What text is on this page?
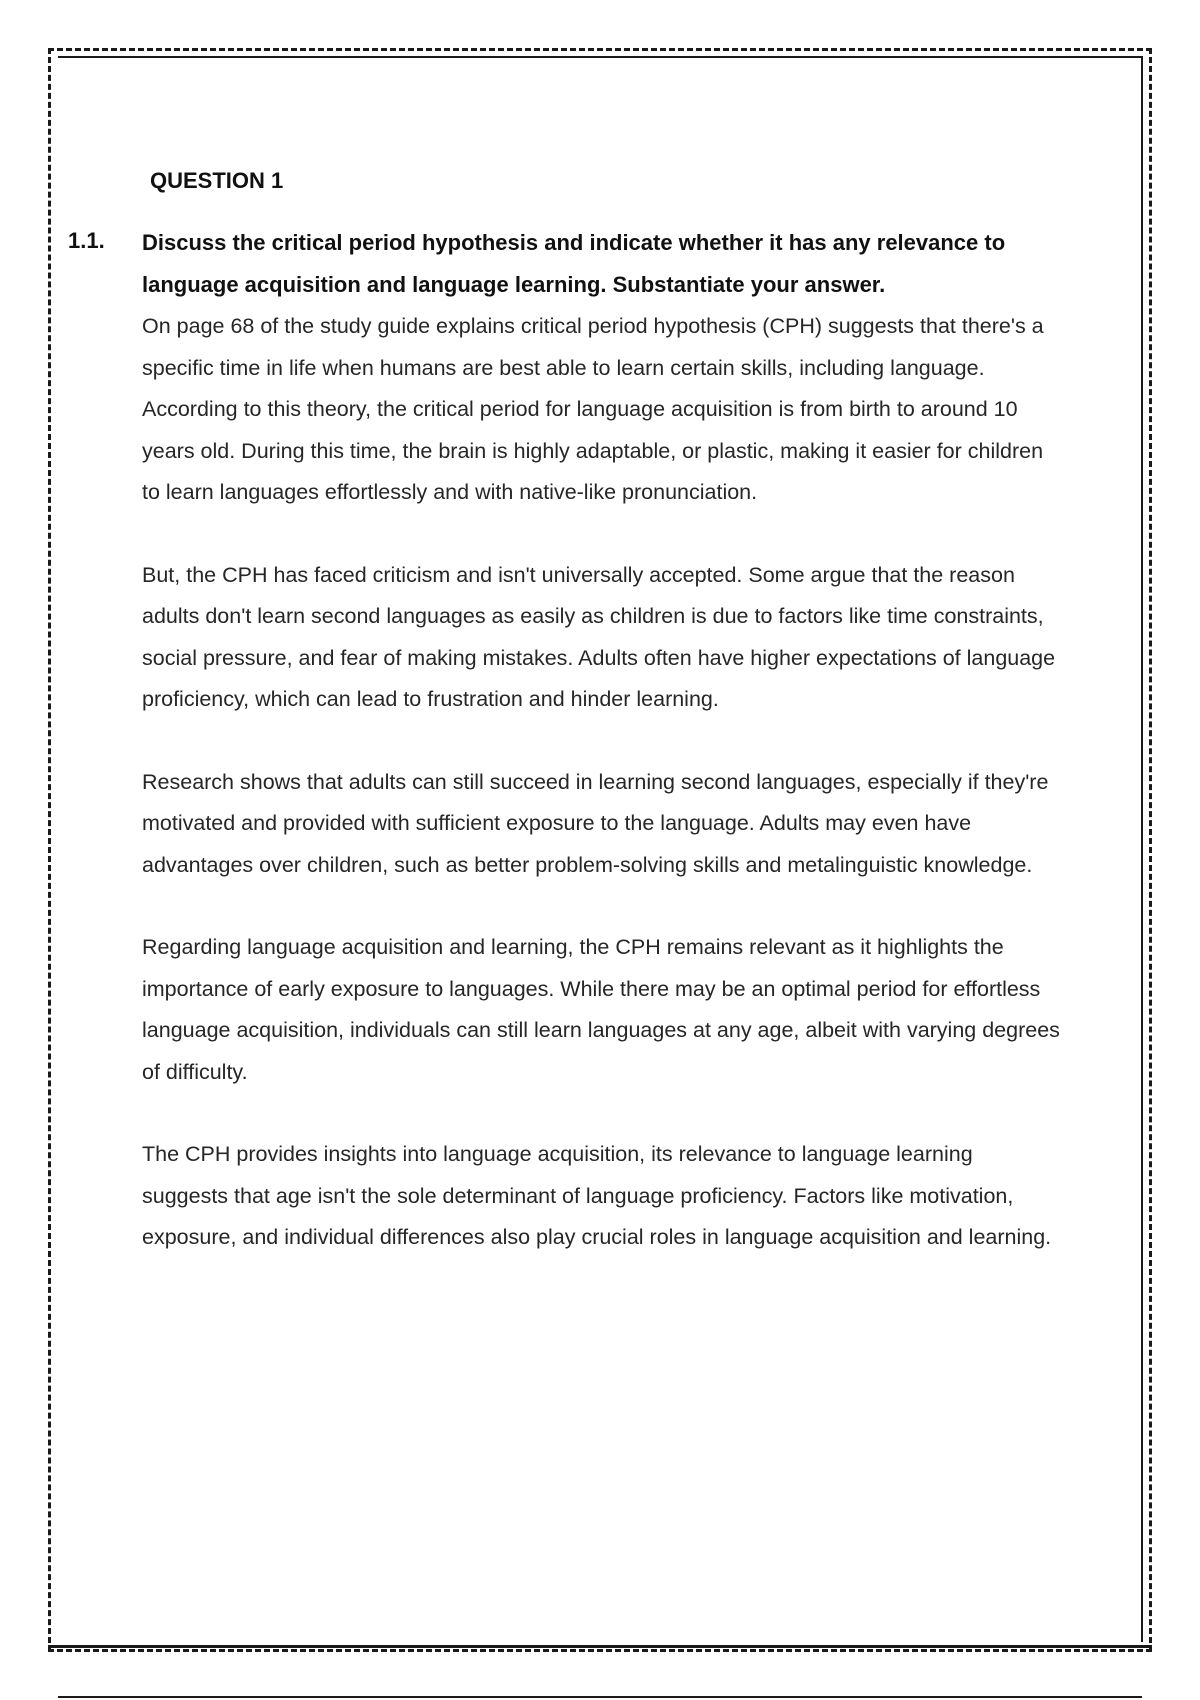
QUESTION 1
1.1. Discuss the critical period hypothesis and indicate whether it has any relevance to language acquisition and language learning. Substantiate your answer.

On page 68 of the study guide explains critical period hypothesis (CPH) suggests that there's a specific time in life when humans are best able to learn certain skills, including language. According to this theory, the critical period for language acquisition is from birth to around 10 years old. During this time, the brain is highly adaptable, or plastic, making it easier for children to learn languages effortlessly and with native-like pronunciation.

But, the CPH has faced criticism and isn't universally accepted. Some argue that the reason adults don't learn second languages as easily as children is due to factors like time constraints, social pressure, and fear of making mistakes. Adults often have higher expectations of language proficiency, which can lead to frustration and hinder learning.

Research shows that adults can still succeed in learning second languages, especially if they're motivated and provided with sufficient exposure to the language. Adults may even have advantages over children, such as better problem-solving skills and metalinguistic knowledge.

Regarding language acquisition and learning, the CPH remains relevant as it highlights the importance of early exposure to languages. While there may be an optimal period for effortless language acquisition, individuals can still learn languages at any age, albeit with varying degrees of difficulty.

The CPH provides insights into language acquisition, its relevance to language learning suggests that age isn't the sole determinant of language proficiency. Factors like motivation, exposure, and individual differences also play crucial roles in language acquisition and learning.
